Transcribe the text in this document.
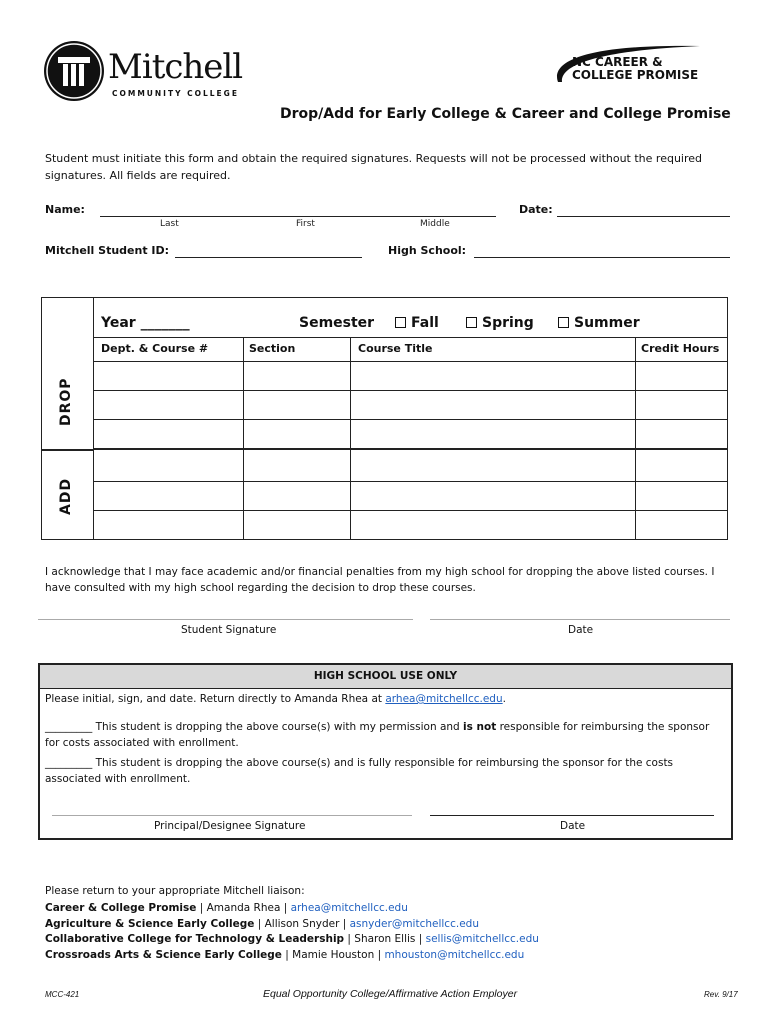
Mitchell
COMMUNITY COLLEGE
NC CAREER &
COLLEGE PROMISE
Drop/Add for Early College & Career and College Promise
Student must initiate this form and obtain the required signatures. Requests will not be processed without the required signatures. All fields are required.
Name:
Last	First	Middle
Date:
Mitchell Student ID:	High School:
Year _______	Semester	Fall	Spring	Summer
Dept. & Course #	Section	Course Title	Credit Hours
DROP
ADD
I acknowledge that I may face academic and/or financial penalties from my high school for dropping the above listed courses. I have consulted with my high school regarding the decision to drop these courses.
Student Signature	Date
HIGH SCHOOL USE ONLY
Please initial, sign, and date. Return directly to Amanda Rhea at arhea@mitchellcc.edu.
_________ This student is dropping the above course(s) with my permission and is not responsible for reimbursing the sponsor for costs associated with enrollment.
_________ This student is dropping the above course(s) and is fully responsible for reimbursing the sponsor for the costs associated with enrollment.
Principal/Designee Signature	Date
Please return to your appropriate Mitchell liaison:
Career & College Promise | Amanda Rhea | arhea@mitchellcc.edu
Agriculture & Science Early College | Allison Snyder | asnyder@mitchellcc.edu
Collaborative College for Technology & Leadership | Sharon Ellis | sellis@mitchellcc.edu
Crossroads Arts & Science Early College | Mamie Houston | mhouston@mitchellcc.edu
MCC-421	Equal Opportunity College/Affirmative Action Employer	Rev. 9/17
